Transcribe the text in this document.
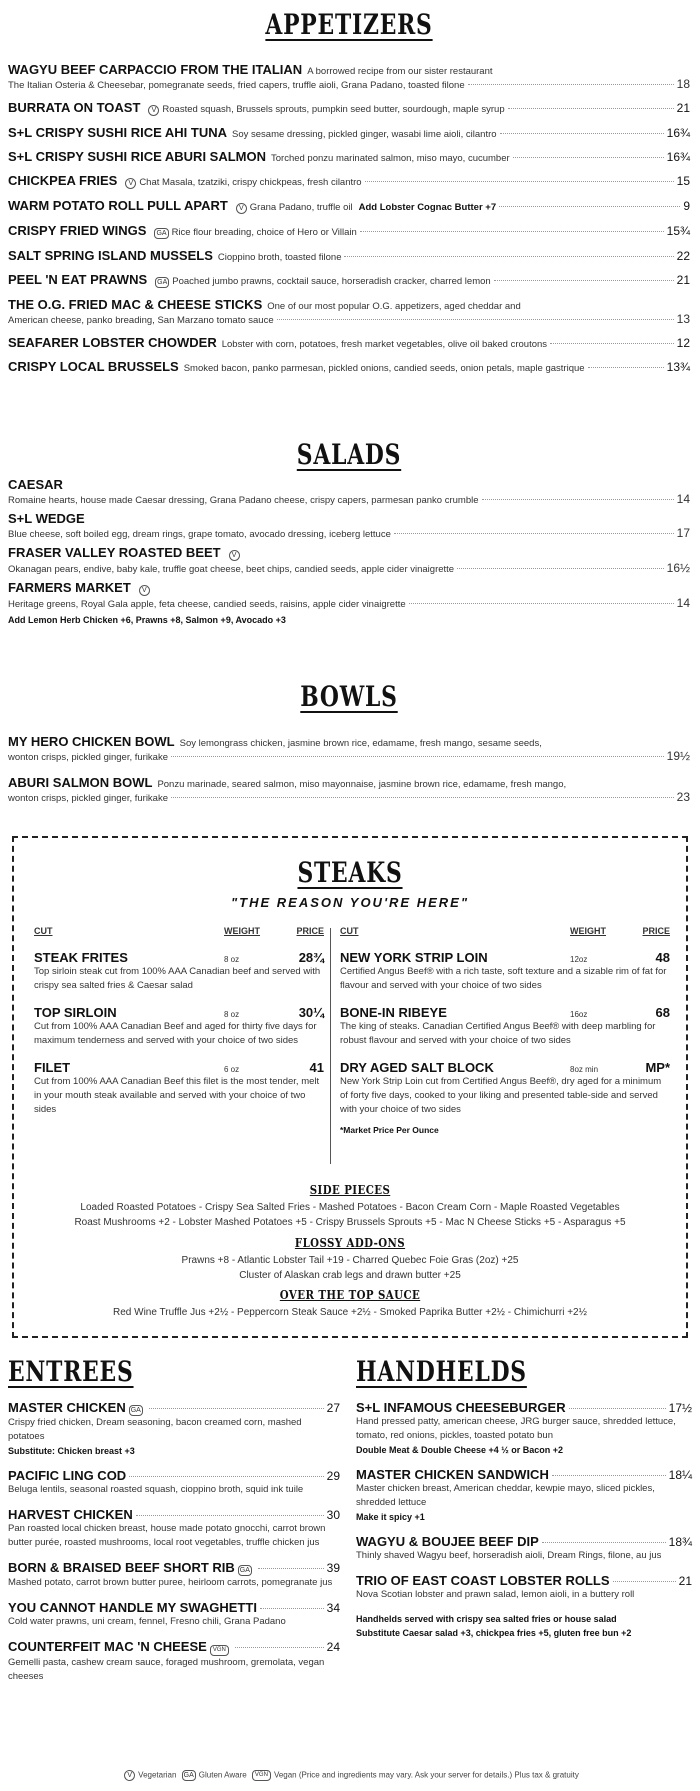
APPETIZERS
WAGYU BEEF CARPACCIO FROM THE ITALIAN A borrowed recipe from our sister restaurant
The Italian Osteria & Cheesebar, pomegranate seeds, fried capers, truffle aioli, Grana Padano, toasted filone	18
BURRATA ON TOAST	V Roasted squash, Brussels sprouts, pumpkin seed butter, sourdough, maple syrup	21
S+L CRISPY SUSHI RICE AHI TUNA Soy sesame dressing, pickled ginger, wasabi lime aioli, cilantro	16¾
S+L CRISPY SUSHI RICE ABURI SALMON Torched ponzu marinated salmon, miso mayo, cucumber	16¾
CHICKPEA FRIES	V Chat Masala, tzatziki, crispy chickpeas, fresh cilantro	15
WARM POTATO ROLL PULL APART	V Grana Padano, truffle oil Add Lobster Cognac Butter +7	9
CRISPY FRIED WINGS GA Rice flour breading, choice of Hero or Villain	15¾
SALT SPRING ISLAND MUSSELS Cioppino broth, toasted filone	22
PEEL 'N EAT PRAWNS GA Poached jumbo prawns, cocktail sauce, horseradish cracker, charred lemon	21
THE O.G. FRIED MAC & CHEESE STICKS One of our most popular O.G. appetizers, aged cheddar and
American cheese, panko breading, San Marzano tomato sauce	13
SEAFARER LOBSTER CHOWDER Lobster with corn, potatoes, fresh market vegetables, olive oil baked croutons	12
CRISPY LOCAL BRUSSELS Smoked bacon, panko parmesan, pickled onions, candied seeds, onion petals, maple gastrique	13¾
SALADS
CAESAR
Romaine hearts, house made Caesar dressing, Grana Padano cheese, crispy capers, parmesan panko crumble	14
S+L WEDGE
Blue cheese, soft boiled egg, dream rings, grape tomato, avocado dressing, iceberg lettuce	17
FRASER VALLEY ROASTED BEET	V
Okanagan pears, endive, baby kale, truffle goat cheese, beet chips, candied seeds, apple cider vinaigrette	16½
FARMERS MARKET	V
Heritage greens, Royal Gala apple, feta cheese, candied seeds, raisins, apple cider vinaigrette	14
Add Lemon Herb Chicken +6, Prawns +8, Salmon +9, Avocado +3
BOWLS
MY HERO CHICKEN BOWL Soy lemongrass chicken, jasmine brown rice, edamame, fresh mango, sesame seeds,
wonton crisps, pickled ginger, furikake	19½
ABURI SALMON BOWL Ponzu marinade, seared salmon, miso mayonnaise, jasmine brown rice, edamame, fresh mango,
wonton crisps, pickled ginger, furikake	23
STEAKS
"THE REASON YOU'RE HERE"
CUT	WEIGHT	PRICE
STEAK FRITES	8 oz	28¾
Top sirloin steak cut from 100% AAA Canadian beef and served with crispy sea salted fries & Caesar salad
TOP SIRLOIN	8 oz	30¼
Cut from 100% AAA Canadian Beef and aged for thirty five days for maximum tenderness and served with your choice of two sides
FILET	6 oz	41
Cut from 100% AAA Canadian Beef this filet is the most tender, melt in your mouth steak available and served with your choice of two sides
CUT	WEIGHT	PRICE
NEW YORK STRIP LOIN	12oz	48
Certified Angus Beef® with a rich taste, soft texture and a sizable rim of fat for flavour and served with your choice of two sides
BONE-IN RIBEYE	16oz	68
The king of steaks. Canadian Certified Angus Beef® with deep marbling for robust flavour and served with your choice of two sides
DRY AGED SALT BLOCK	8oz min	MP*
New York Strip Loin cut from Certified Angus Beef®, dry aged for a minimum of forty five days, cooked to your liking and presented table-side and served with your choice of two sides
*Market Price Per Ounce
SIDE PIECES
Loaded Roasted Potatoes - Crispy Sea Salted Fries - Mashed Potatoes - Bacon Cream Corn - Maple Roasted Vegetables
Roast Mushrooms +2 - Lobster Mashed Potatoes +5 - Crispy Brussels Sprouts +5 - Mac N Cheese Sticks +5 - Asparagus +5
FLOSSY ADD-ONS
Prawns +8 - Atlantic Lobster Tail +19 - Charred Quebec Foie Gras (2oz) +25
Cluster of Alaskan crab legs and drawn butter +25
OVER THE TOP SAUCE
Red Wine Truffle Jus +2½ - Peppercorn Steak Sauce +2½ - Smoked Paprika Butter +2½ - Chimichurri +2½
ENTREES
MASTER CHICKEN GA	27
Crispy fried chicken, Dream seasoning, bacon creamed corn, mashed potatoes
Substitute: Chicken breast +3
PACIFIC LING COD	29
Beluga lentils, seasonal roasted squash, cioppino broth, squid ink tuile
HARVEST CHICKEN	30
Pan roasted local chicken breast, house made potato gnocchi, carrot brown butter purée, roasted mushrooms, local root vegetables, truffle chicken jus
BORN & BRAISED BEEF SHORT RIB GA	39
Mashed potato, carrot brown butter puree, heirloom carrots, pomegranate jus
YOU CANNOT HANDLE MY SWAGHETTI	34
Cold water prawns, uni cream, fennel, Fresno chili, Grana Padano
COUNTERFEIT MAC 'N CHEESE	VGN	24
Gemelli pasta, cashew cream sauce, foraged mushroom, gremolata, vegan cheeses
HANDHELDS
S+L INFAMOUS CHEESEBURGER	17½
Hand pressed patty, american cheese, JRG burger sauce, shredded lettuce, tomato, red onions, pickles, toasted potato bun
Double Meat & Double Cheese +4 ½ or Bacon +2
MASTER CHICKEN SANDWICH	18¼
Master chicken breast, American cheddar, kewpie mayo, sliced pickles, shredded lettuce
Make it spicy +1
WAGYU & BOUJEE BEEF DIP	18¾
Thinly shaved Wagyu beef, horseradish aioli, Dream Rings, filone, au jus
TRIO OF EAST COAST LOBSTER ROLLS	21
Nova Scotian lobster and prawn salad, lemon aioli, in a buttery roll
Handhelds served with crispy sea salted fries or house salad
Substitute Caesar salad +3, chickpea fries +5, gluten free bun +2
V Vegetarian GA Gluten Aware VGN Vegan (Price and ingredients may vary. Ask your server for details.) Plus tax & gratuity
